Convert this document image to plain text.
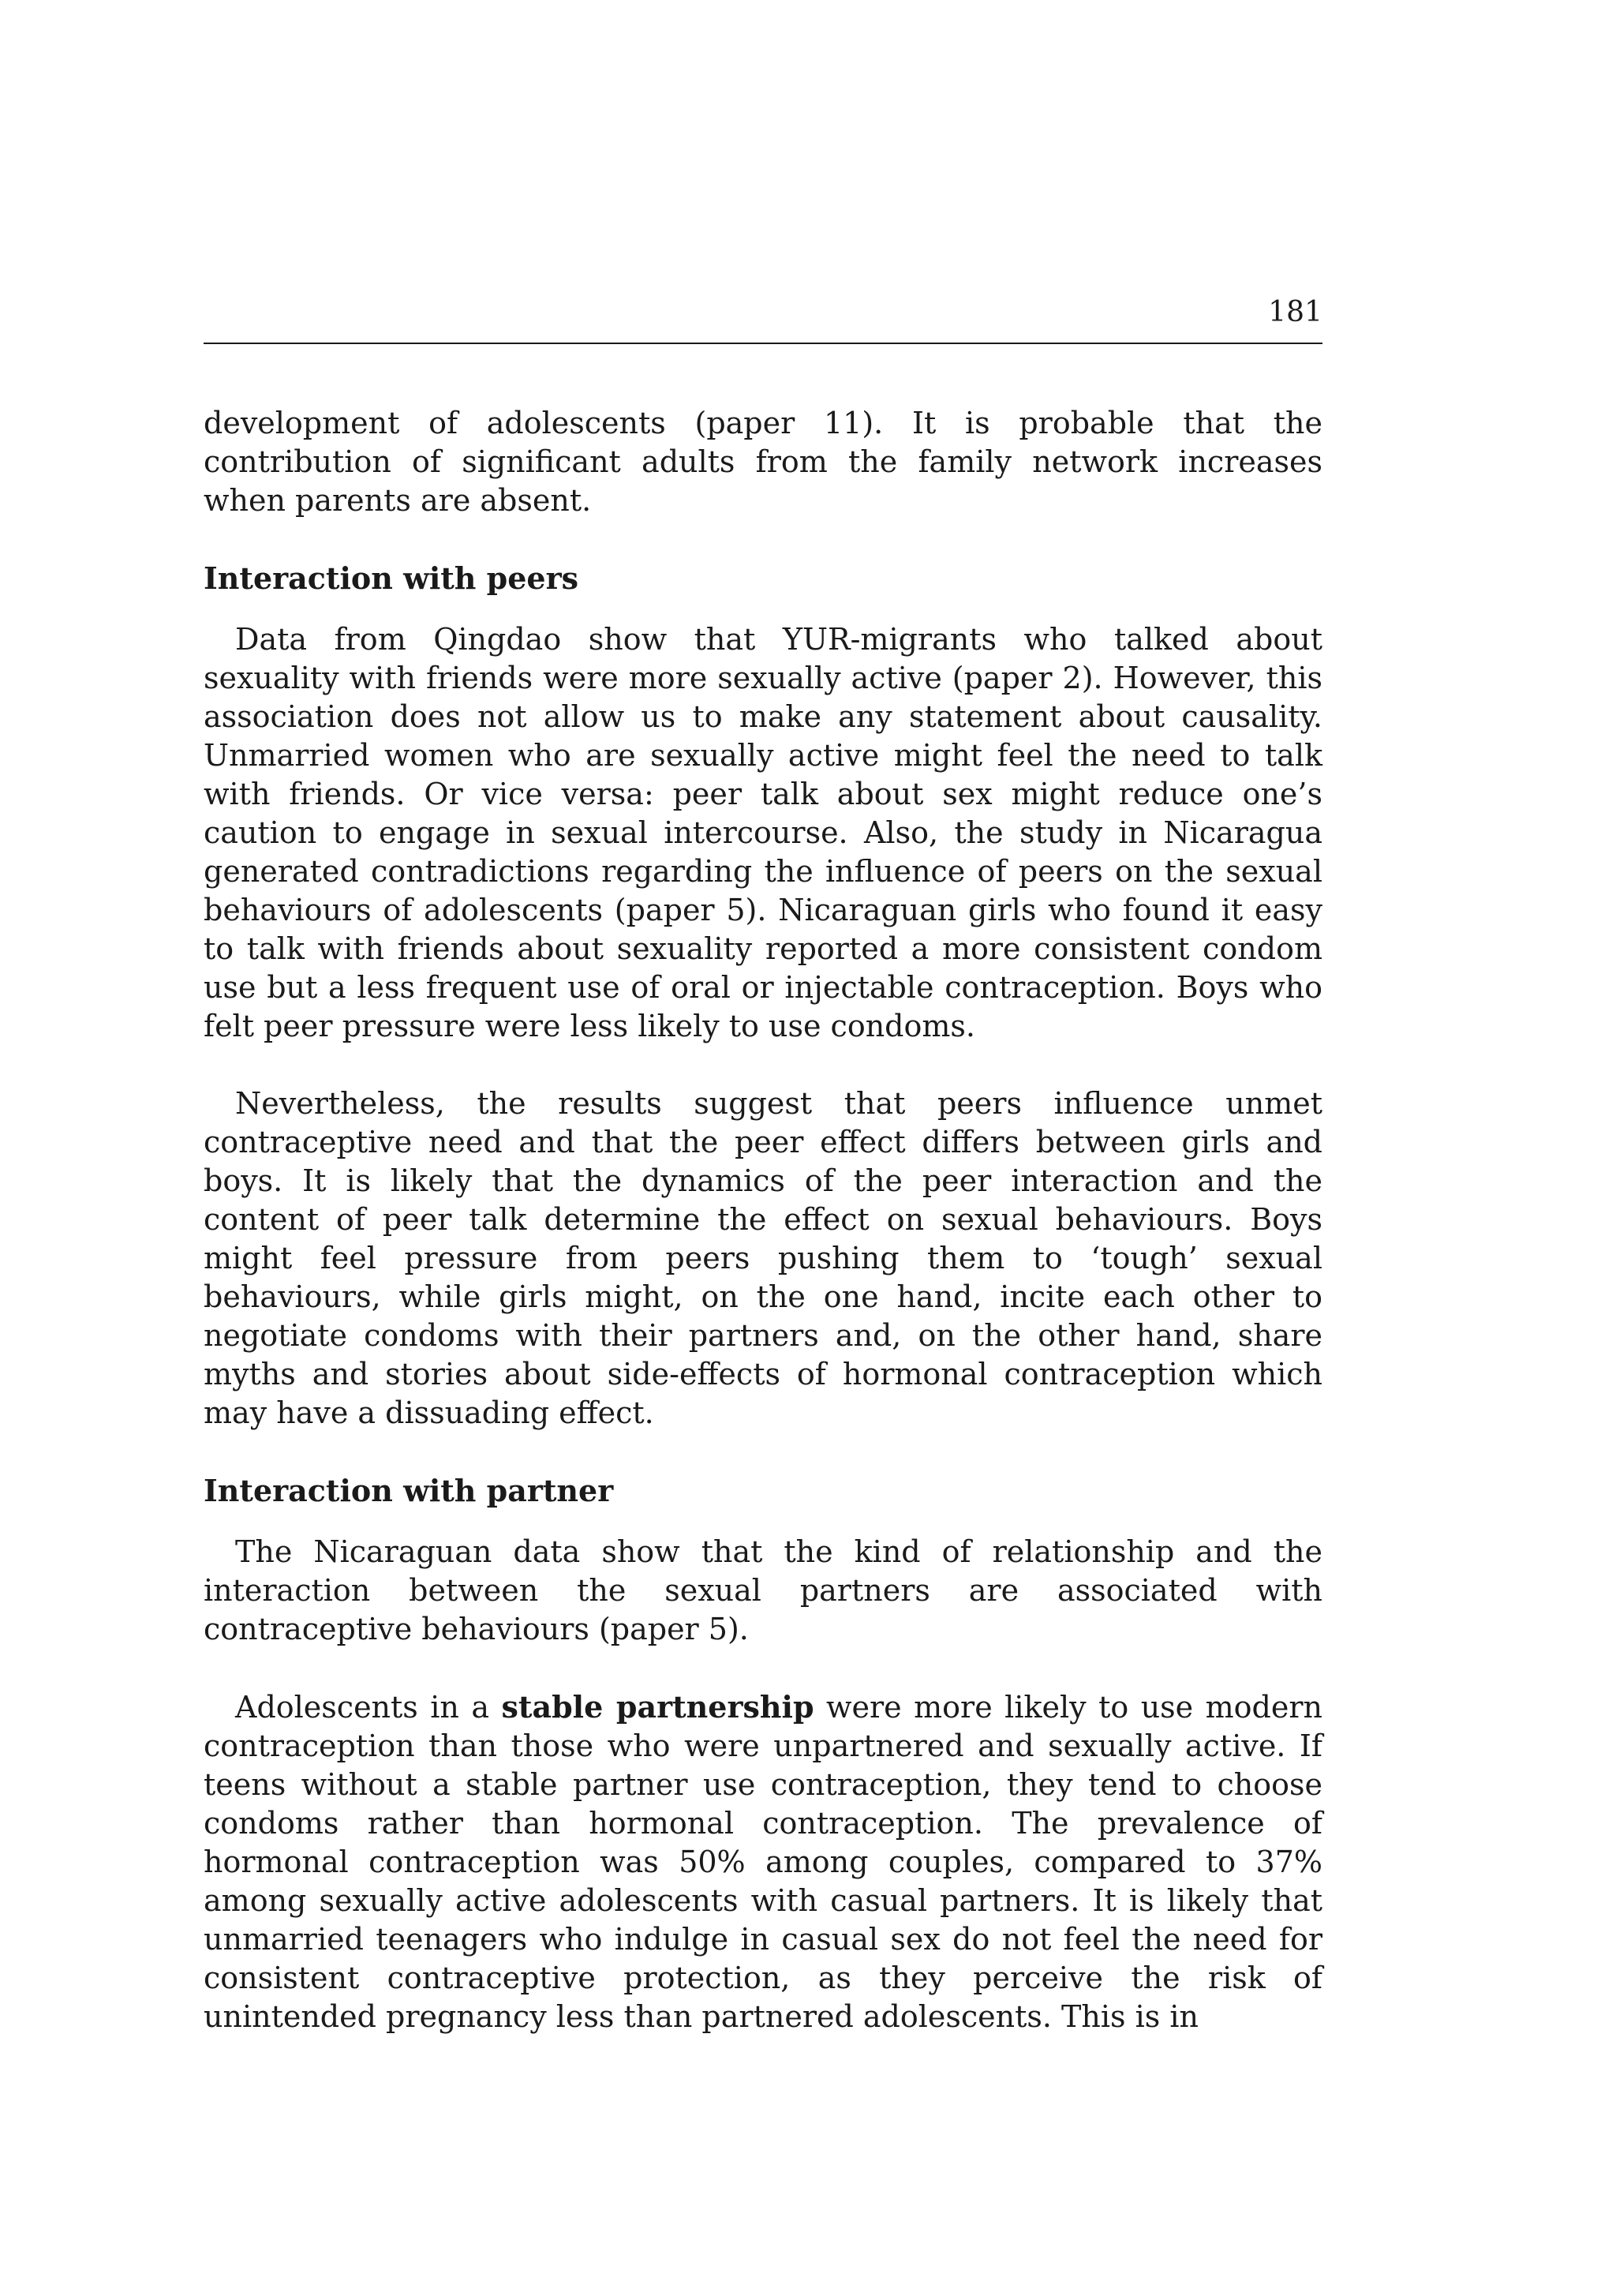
181

development of adolescents (paper 11). It is probable that the contribution of significant adults from the family network increases when parents are absent.

Interaction with peers

Data from Qingdao show that YUR-migrants who talked about sexuality with friends were more sexually active (paper 2). However, this association does not allow us to make any statement about causality. Unmarried women who are sexually active might feel the need to talk with friends. Or vice versa: peer talk about sex might reduce one’s caution to engage in sexual intercourse. Also, the study in Nicaragua generated contradictions regarding the influence of peers on the sexual behaviours of adolescents (paper 5). Nicaraguan girls who found it easy to talk with friends about sexuality reported a more consistent condom use but a less frequent use of oral or injectable contraception. Boys who felt peer pressure were less likely to use condoms.

Nevertheless, the results suggest that peers influence unmet contraceptive need and that the peer effect differs between girls and boys. It is likely that the dynamics of the peer interaction and the content of peer talk determine the effect on sexual behaviours. Boys might feel pressure from peers pushing them to ‘tough’ sexual behaviours, while girls might, on the one hand, incite each other to negotiate condoms with their partners and, on the other hand, share myths and stories about side-effects of hormonal contraception which may have a dissuading effect.

Interaction with partner

The Nicaraguan data show that the kind of relationship and the interaction between the sexual partners are associated with contraceptive behaviours (paper 5).

Adolescents in a stable partnership were more likely to use modern contraception than those who were unpartnered and sexually active. If teens without a stable partner use contraception, they tend to choose condoms rather than hormonal contraception. The prevalence of hormonal contraception was 50% among couples, compared to 37% among sexually active adolescents with casual partners. It is likely that unmarried teenagers who indulge in casual sex do not feel the need for consistent contraceptive protection, as they perceive the risk of unintended pregnancy less than partnered adolescents. This is in
